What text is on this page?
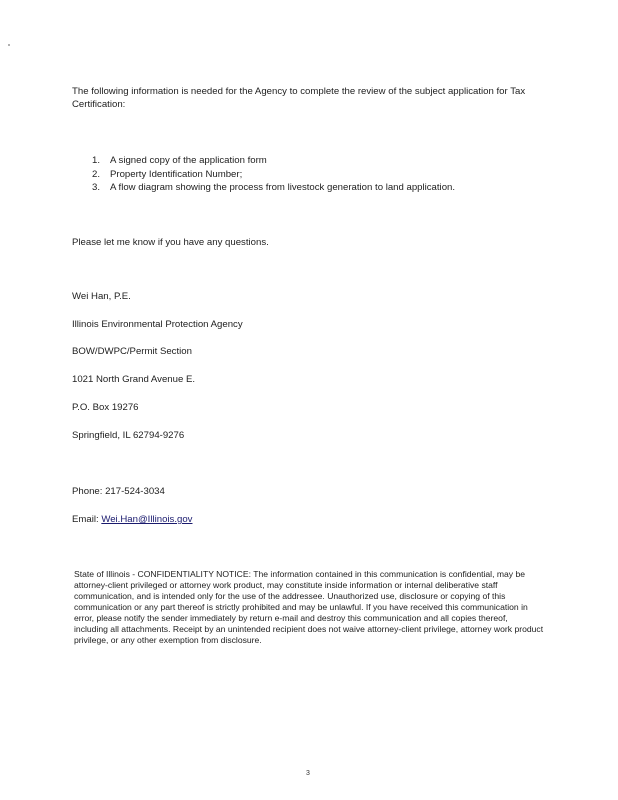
The following information is needed for the Agency to complete the review of the subject application for Tax Certification:
1. A signed copy of the application form
2. Property Identification Number;
3. A flow diagram showing the process from livestock generation to land application.
Please let me know if you have any questions.
Wei Han, P.E.
Illinois Environmental Protection Agency
BOW/DWPC/Permit Section
1021 North Grand Avenue E.
P.O. Box 19276
Springfield, IL 62794-9276
Phone: 217-524-3034
Email: Wei.Han@Illinois.gov
State of Illinois - CONFIDENTIALITY NOTICE: The information contained in this communication is confidential, may be attorney-client privileged or attorney work product, may constitute inside information or internal deliberative staff communication, and is intended only for the use of the addressee. Unauthorized use, disclosure or copying of this communication or any part thereof is strictly prohibited and may be unlawful. If you have received this communication in error, please notify the sender immediately by return e-mail and destroy this communication and all copies thereof, including all attachments. Receipt by an unintended recipient does not waive attorney-client privilege, attorney work product privilege, or any other exemption from disclosure.
3
